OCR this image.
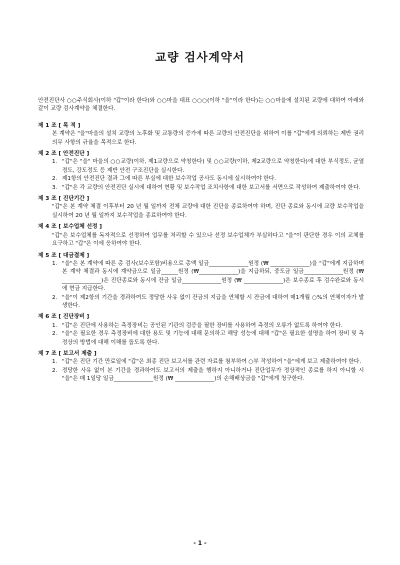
교량 검사계약서

안전진단사 ○○주식회사(이하 "갑"이라 한다)와 ○○마을 대표 ○○○(이하 "을"이라 한다)는 ○○마을에 설치된 교량에 대하여 아래와 같이 교량 검사계약을 체결한다.

제 1 조 [ 목 적 ]

본 계약은 "을"마을의 설치 교량의 노후화 및 교통량의 증가에 따른 교량의 안전진단을 위하여 이를 "갑"에게 의뢰하는 제반 권리의무 사항의 규율을 목적으로 한다.

제 2 조 [ 안전진단 ]
1. "갑"은 "을" 마을의 ○○교량(이하, 제1교량으로 약칭한다) 및 ○○교량(이하, 제2교량으로 약칭한다)에 대한 부식정도, 균열정도, 강도정도 등 제반 안전 구조진단을 실시한다.
2. 제1항의 안전진단 결과 그에 따른 부실에 대한 보수작업 공사도 동시에 실시하여야 한다.
3. "갑"은 각 교량의 안전진단 실시에 대하여 현황 및 보수작업 조치사항에 대한 보고서를 서면으로 작성하여 제출하여야 한다.
제 3 조 [ 진단기간 ]

"갑"은 본 계약 체결 이후부터 20 년 월 일까지 전체 교량에 대한 진단을 종료하여야 하며, 진단 종료와 동시에 교량 보수작업을 실시하여 20 년 월 일까지 보수작업을 종료하여야 한다.

제 4 조 [ 보수업체 선정 ]

"갑"은 보수업체를 독자적으로 선정하여 업무를 처리할 수 있으나 선정 보수업체가 부실하다고 "을"이 판단한 경우 이의 교체를 요구하고 "갑"은 이에 응하여야 한다.

제 5 조 [ 대금결제 ]
1. "을"은 본 계약에 따른 총 검사(보수포함)비용으로 총액 일금______________원정 (₩ ______________)을 "갑"에게 지급하며 본 계약 체결과 동시에 계약금으로 일금______원정 (₩______________)을 지급하되, 중도금 일금______________원정 (₩ ______________)은 진단종료와 동시에 잔금 일금______________원정 (₩ ______________)은 보수종료 후 검수완료와 동시에 현금 지급한다.
2. "을"이 제2항의 기간을 경과하여도 정당한 사유 없이 잔금의 지급을 연체할 시 잔금에 대하여 매1개월 ○%의 연체이자가 발생한다.
제 6 조 [ 진단장비 ]
1. "갑"은 진단에 사용하는 측정장비는 공인된 기관의 검증을 필한 장비를 사용하여 측정의 오류가 없도록 하여야 한다.
2. "을"은 필요한 경우 측정장비에 대한 용도 및 기능에 대해 문의하고 해당 성능에 대해 "갑"은 필요한 설명을 하여 장비 및 측정상의 방법에 대해 이해를 돕도록 한다.
제 7 조 [ 보고서 제출 ]
1. "갑"은 진단 기간 만료일에 "갑"은 최종 진단 보고서를 관련 자료를 첨부하여 ○부 작성하여 "을"에게 보고 제출하여야 한다.
2. 정당한 사유 없이 본 기간을 경과하여도 보고서의 제출을 행하지 아니하거나 진단업무가 정상적인 종료를 하지 아니할 시 "을"은 매 1일당 일금______________원정 (₩ ______________)의 손해배상금을 "갑"에게 청구한다.
- 1 -
